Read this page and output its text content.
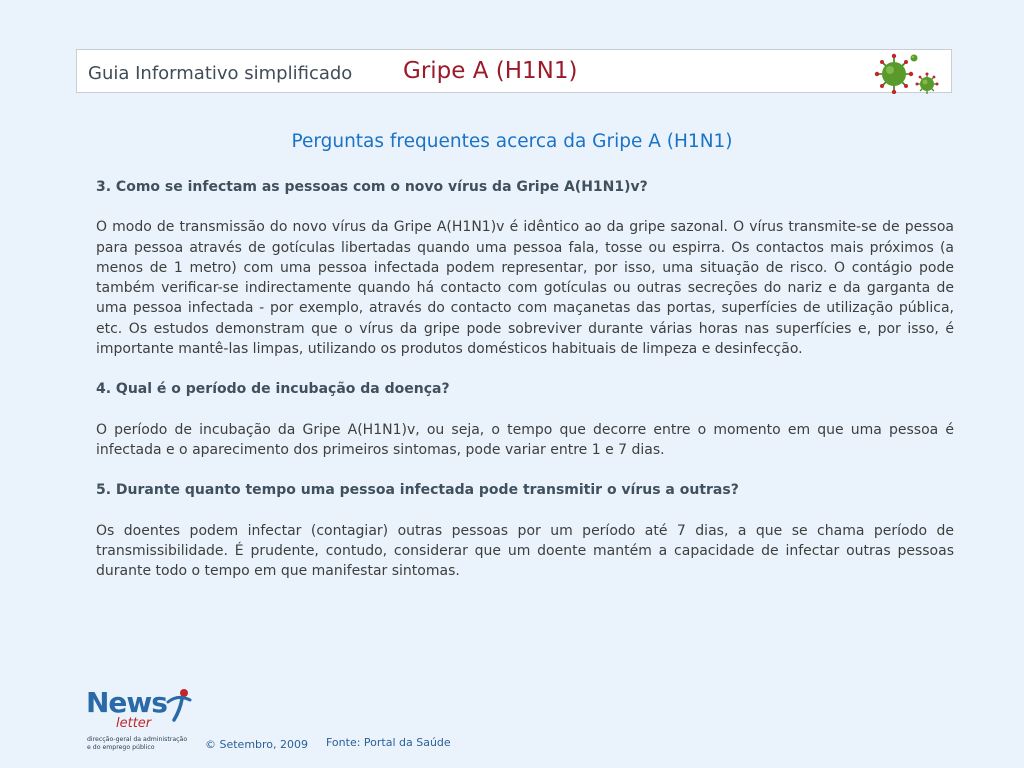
Guia Informativo simplificado Gripe A (H1N1)
Perguntas frequentes acerca da Gripe A (H1N1)

3. Como se infectam as pessoas com o novo vírus da Gripe A(H1N1)v?

O modo de transmissão do novo vírus da Gripe A(H1N1)v é idêntico ao da gripe sazonal. O vírus transmite-se de pessoa para pessoa através de gotículas libertadas quando uma pessoa fala, tosse ou espirra. Os contactos mais próximos (a menos de 1 metro) com uma pessoa infectada podem representar, por isso, uma situação de risco. O contágio pode também verificar-se indirectamente quando há contacto com gotículas ou outras secreções do nariz e da garganta de uma pessoa infectada - por exemplo, através do contacto com maçanetas das portas, superfícies de utilização pública, etc. Os estudos demonstram que o vírus da gripe pode sobreviver durante várias horas nas superfícies e, por isso, é importante mantê-las limpas, utilizando os produtos domésticos habituais de limpeza e desinfecção.

4. Qual é o período de incubação da doença?

O período de incubação da Gripe A(H1N1)v, ou seja, o tempo que decorre entre o momento em que uma pessoa é infectada e o aparecimento dos primeiros sintomas, pode variar entre 1 e 7 dias.

5. Durante quanto tempo uma pessoa infectada pode transmitir o vírus a outras?

Os doentes podem infectar (contagiar) outras pessoas por um período até 7 dias, a que se chama período de transmissibilidade. É prudente, contudo, considerar que um doente mantém a capacidade de infectar outras pessoas durante todo o tempo em que manifestar sintomas.

News
letter
direcção-geral da administração
e do emprego público	© Setembro, 2009 Fonte: Portal da Saúde
